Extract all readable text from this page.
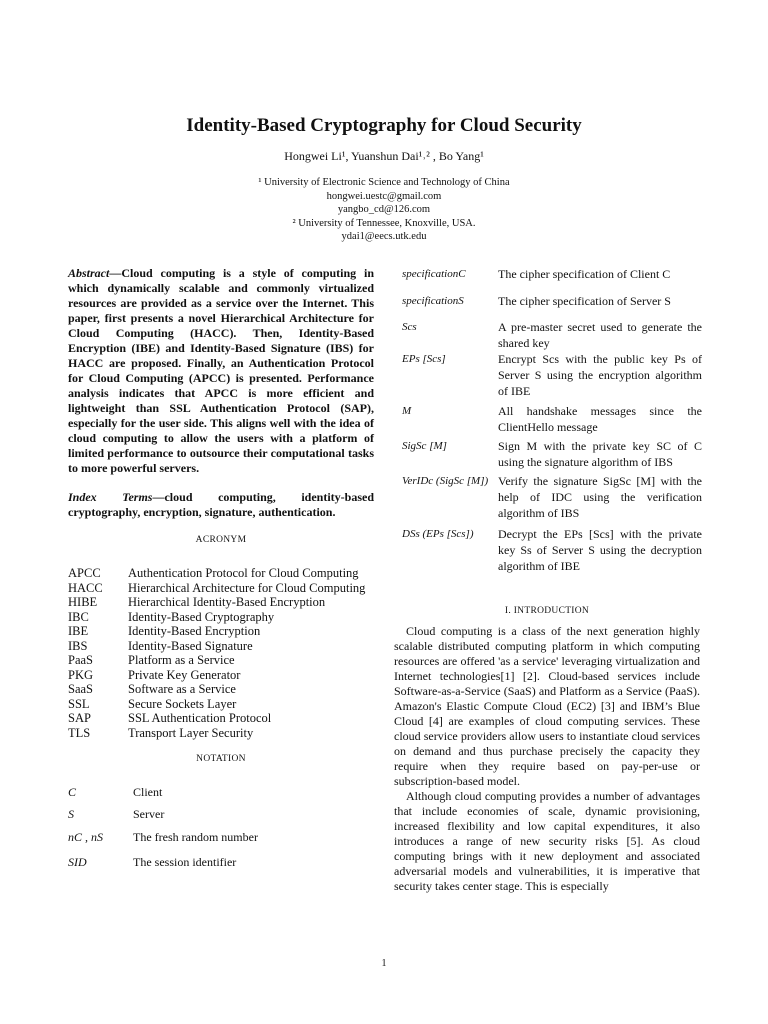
Identity-Based Cryptography for Cloud Security
Hongwei Li¹, Yuanshun Dai¹˒² , Bo Yang¹
¹ University of Electronic Science and Technology of China
hongwei.uestc@gmail.com
yangbo_cd@126.com
² University of Tennessee, Knoxville, USA.
ydai1@eecs.utk.edu
Abstract—Cloud computing is a style of computing in which dynamically scalable and commonly virtualized resources are provided as a service over the Internet. This paper, first presents a novel Hierarchical Architecture for Cloud Computing (HACC). Then, Identity-Based Encryption (IBE) and Identity-Based Signature (IBS) for HACC are proposed. Finally, an Authentication Protocol for Cloud Computing (APCC) is presented. Performance analysis indicates that APCC is more efficient and lightweight than SSL Authentication Protocol (SAP), especially for the user side. This aligns well with the idea of cloud computing to allow the users with a platform of limited performance to outsource their computational tasks to more powerful servers.
Index Terms—cloud computing, identity-based cryptography, encryption, signature, authentication.
ACRONYM
APCC Authentication Protocol for Cloud Computing
HACC Hierarchical Architecture for Cloud Computing
HIBE Hierarchical Identity-Based Encryption
IBC	Identity-Based Cryptography
IBE	Identity-Based Encryption
IBS	Identity-Based Signature
PaaS	Platform as a Service
PKG	Private Key Generator
SaaS	Software as a Service
SSL	Secure Sockets Layer
SAP	SSL Authentication Protocol
TLS	Transport Layer Security
NOTATION
C	Client
S	Server
nC , nS The fresh random number
SID	The session identifier
specificationC	The cipher specification of Client C
specificationS	The cipher specification of Server S
Scs	A pre-master secret used to generate the shared key
EPs [Scs]	Encrypt Scs with the public key Ps of Server S using the encryption algorithm of IBE
M	All handshake messages since the ClientHello message
SigSc [M]	Sign M with the private key SC of C using the signature algorithm of IBS
VerIDc (SigSc [M]) Verify the signature SigSc [M] with the help of IDC using the verification algorithm of IBS
DSs (EPs [Scs]) Decrypt the EPs [Scs] with the private key Ss of Server S using the decryption algorithm of IBE
I. INTRODUCTION

Cloud computing is a class of the next generation highly scalable distributed computing platform in which computing resources are offered 'as a service' leveraging virtualization and Internet technologies[1] [2]. Cloud-based services include Software-as-a-Service (SaaS) and Platform as a Service (PaaS). Amazon's Elastic Compute Cloud (EC2) [3] and IBM’s Blue Cloud [4] are examples of cloud computing services. These cloud service providers allow users to instantiate cloud services on demand and thus purchase precisely the capacity they require when they require based on pay-per-use or subscription-based model.

Although cloud computing provides a number of advantages that include economies of scale, dynamic provisioning, increased flexibility and low capital expenditures, it also introduces a range of new security risks [5]. As cloud computing brings with it new deployment and associated adversarial models and vulnerabilities, it is imperative that security takes center stage. This is especially

1
